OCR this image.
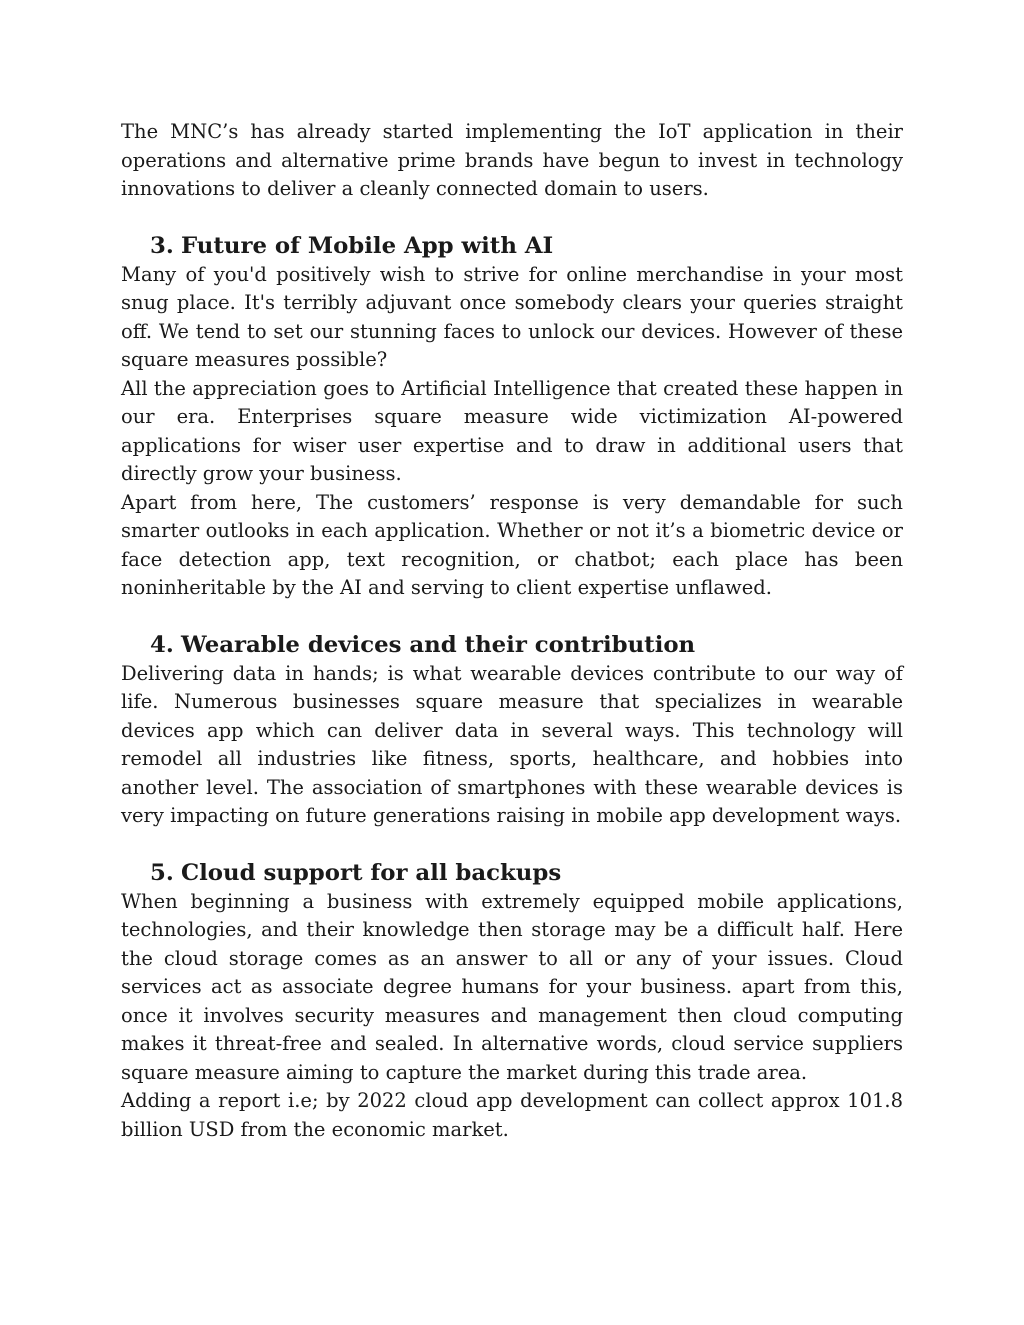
The MNC’s has already started implementing the IoT application in their operations and alternative prime brands have begun to invest in technology innovations to deliver a cleanly connected domain to users.

3. Future of Mobile App with AI

Many of you'd positively wish to strive for online merchandise in your most snug place. It's terribly adjuvant once somebody clears your queries straight off. We tend to set our stunning faces to unlock our devices. However of these square measures possible?

All the appreciation goes to Artificial Intelligence that created these happen in our era. Enterprises square measure wide victimization AI-powered applications for wiser user expertise and to draw in additional users that directly grow your business.

Apart from here, The customers’ response is very demandable for such smarter outlooks in each application. Whether or not it’s a biometric device or face detection app, text recognition, or chatbot; each place has been noninheritable by the AI and serving to client expertise unflawed.

4. Wearable devices and their contribution

Delivering data in hands; is what wearable devices contribute to our way of life. Numerous businesses square measure that specializes in wearable devices app which can deliver data in several ways. This technology will remodel all industries like fitness, sports, healthcare, and hobbies into another level. The association of smartphones with these wearable devices is very impacting on future generations raising in mobile app development ways.

5. Cloud support for all backups

When beginning a business with extremely equipped mobile applications, technologies, and their knowledge then storage may be a difficult half. Here the cloud storage comes as an answer to all or any of your issues. Cloud services act as associate degree humans for your business. apart from this, once it involves security measures and management then cloud computing makes it threat-free and sealed. In alternative words, cloud service suppliers square measure aiming to capture the market during this trade area.

Adding a report i.e; by 2022 cloud app development can collect approx 101.8 billion USD from the economic market.
